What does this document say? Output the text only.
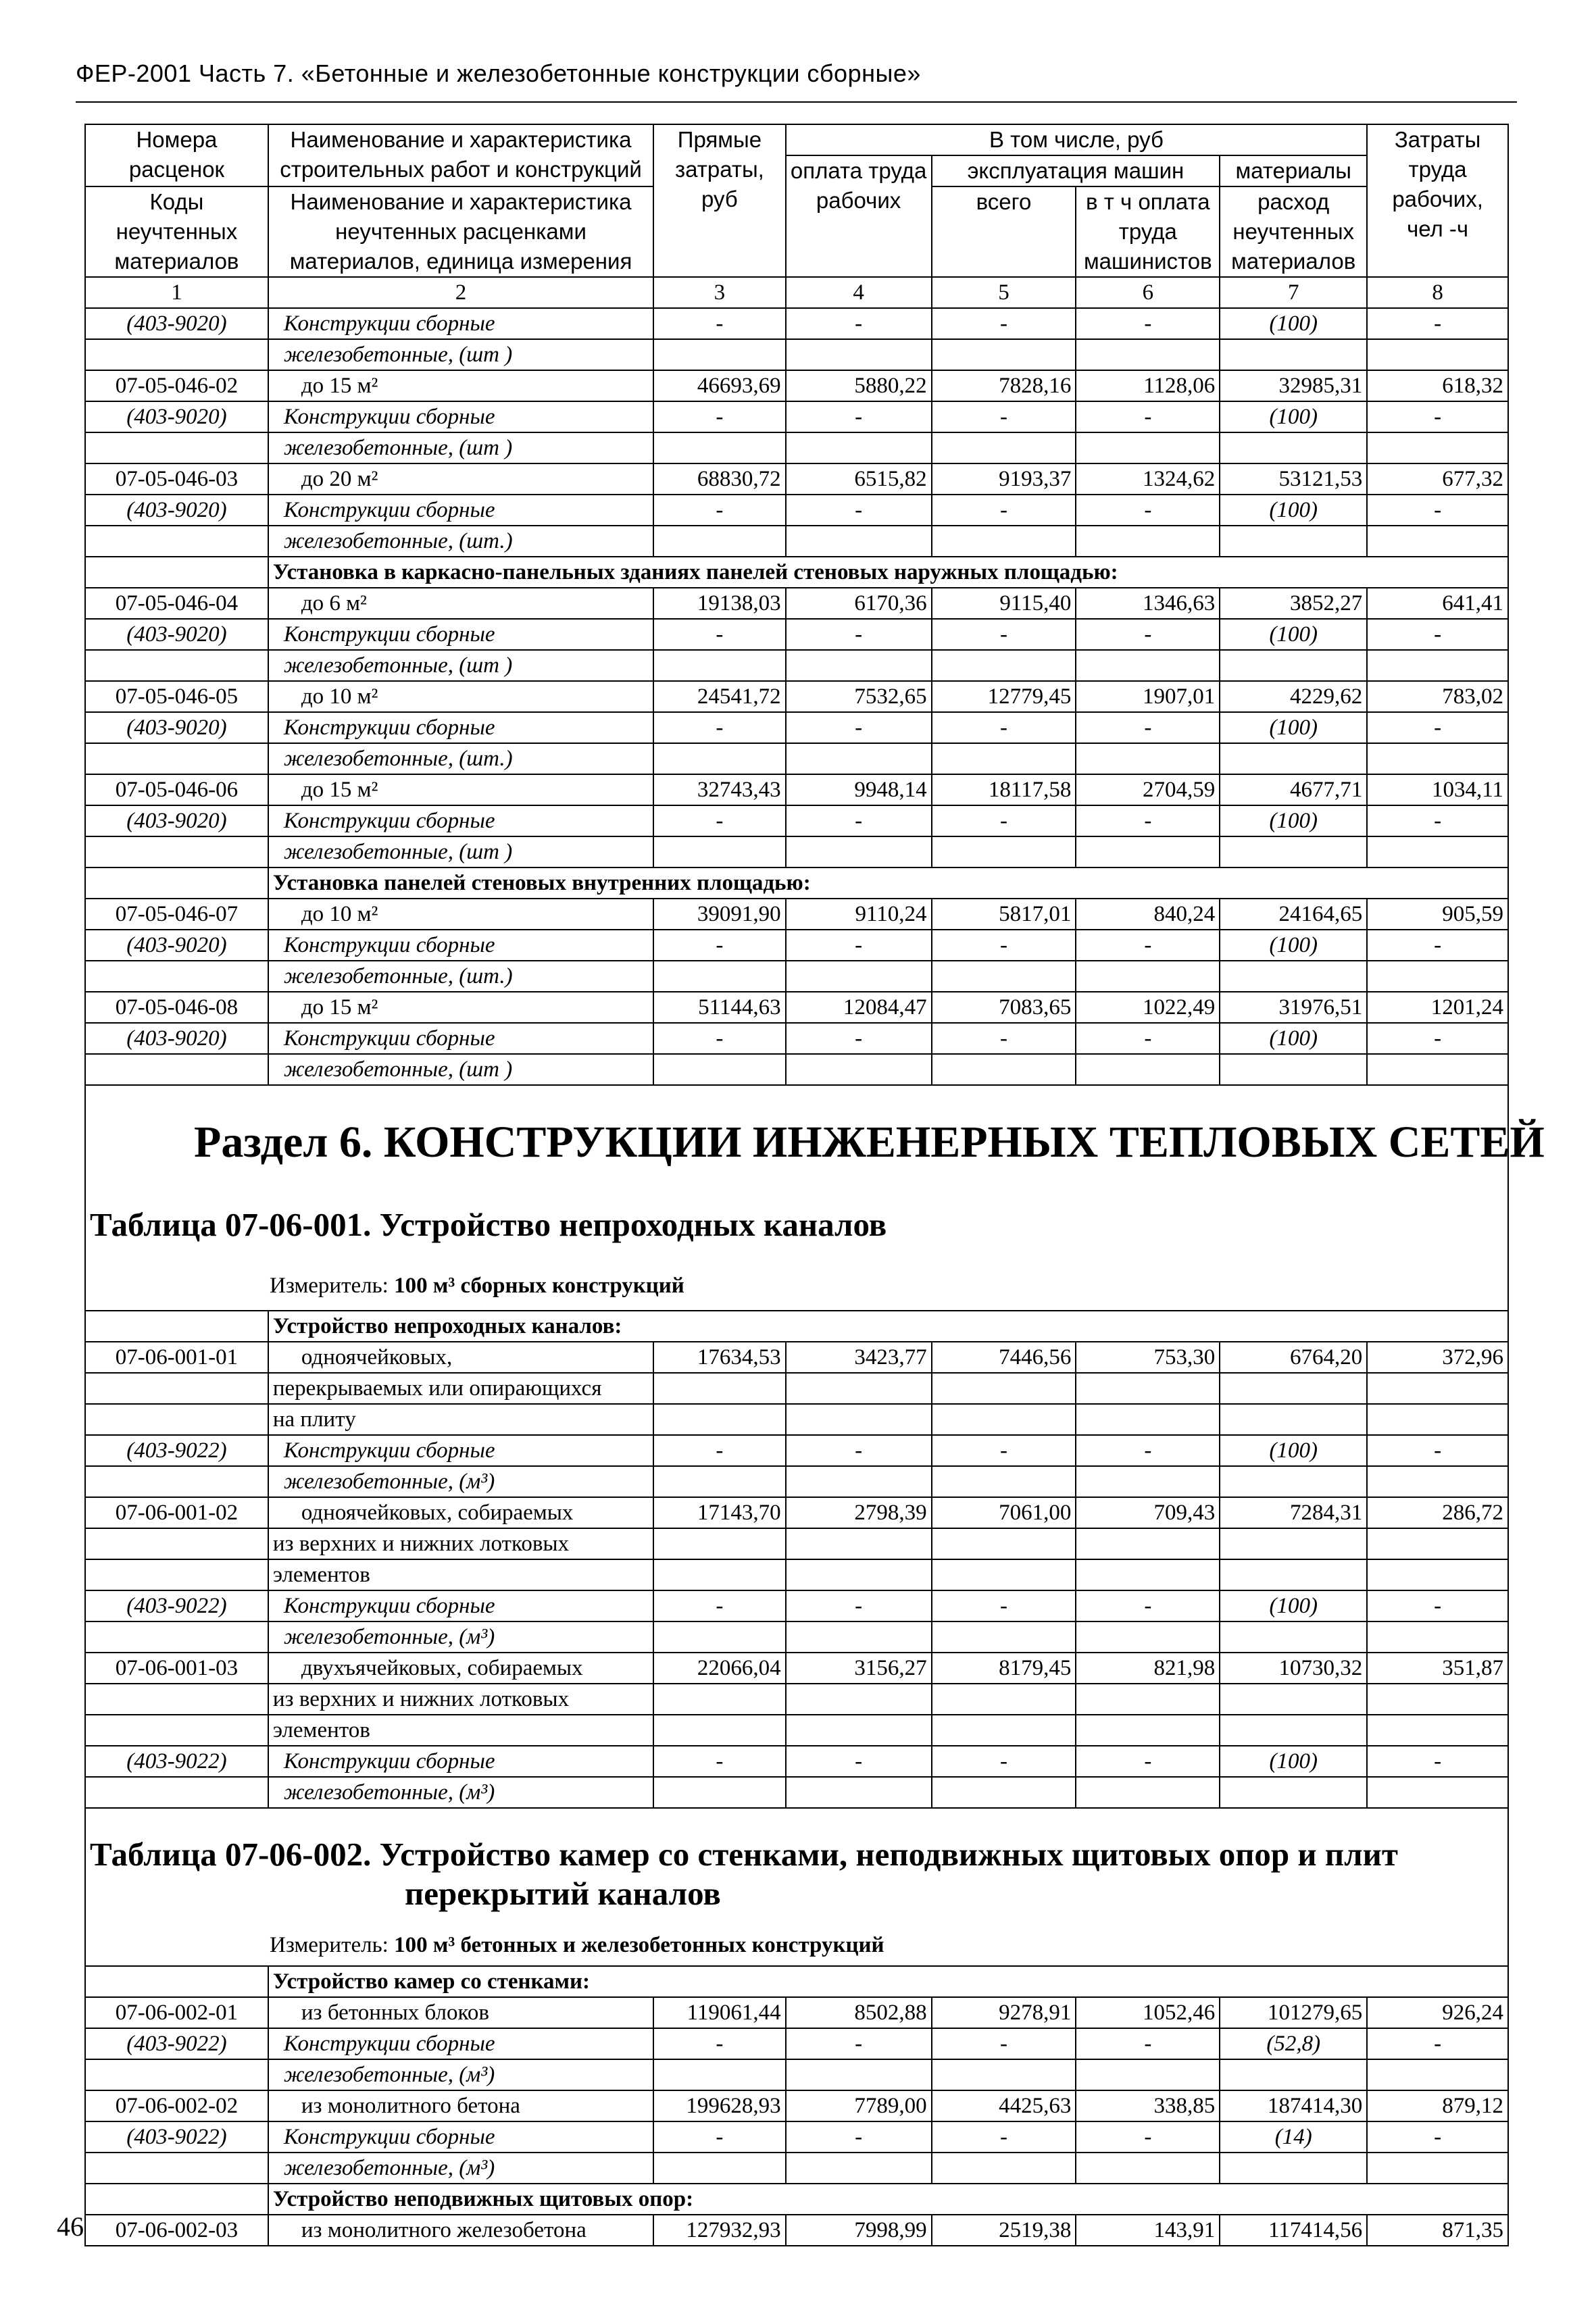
ФЕР-2001 Часть 7. «Бетонные и железобетонные конструкции сборные»
Номера расценок	Наименование и характеристика строительных работ и конструкций	Прямые затраты, руб	В том числе, руб				Затраты труда рабочих, чел -ч
			оплата труда рабочих	эксплуатация машин		материалы	
Коды неучтенных материалов	Наименование и характеристика неучтенных расценками материалов, единица измерения			всего	в т ч оплата труда машинистов	расход неучтенных материалов	

1	2	3	4	5	6	7	8
(403-9020)	Конструкции сборные	-	-	-	-	(100)	-
	железобетонные, (шт )						
07-05-046-02	до 15 м²	46693,69	5880,22	7828,16	1128,06	32985,31	618,32
(403-9020)	Конструкции сборные	-	-	-	-	(100)	-
	железобетонные, (шт )						
07-05-046-03	до 20 м²	68830,72	6515,82	9193,37	1324,62	53121,53	677,32
(403-9020)	Конструкции сборные	-	-	-	-	(100)	-
	железобетонные, (шт.)						
	Установка в каркасно-панельных зданиях панелей стеновых наружных площадью:						
07-05-046-04	до 6 м²	19138,03	6170,36	9115,40	1346,63	3852,27	641,41
(403-9020)	Конструкции сборные	-	-	-	-	(100)	-
	железобетонные, (шт )						
07-05-046-05	до 10 м²	24541,72	7532,65	12779,45	1907,01	4229,62	783,02
(403-9020)	Конструкции сборные	-	-	-	-	(100)	-
	железобетонные, (шт.)						
07-05-046-06	до 15 м²	32743,43	9948,14	18117,58	2704,59	4677,71	1034,11
(403-9020)	Конструкции сборные	-	-	-	-	(100)	-
	железобетонные, (шт )						
	Установка панелей стеновых внутренних площадью:						
07-05-046-07	до 10 м²	39091,90	9110,24	5817,01	840,24	24164,65	905,59
(403-9020)	Конструкции сборные	-	-	-	-	(100)	-
	железобетонные, (шт.)						
07-05-046-08	до 15 м²	51144,63	12084,47	7083,65	1022,49	31976,51	1201,24
(403-9020)	Конструкции сборные	-	-	-	-	(100)	-
	железобетонные, (шт )						

Раздел 6. КОНСТРУКЦИИ ИНЖЕНЕРНЫХ ТЕПЛОВЫХ СЕТЕЙ
Таблица 07-06-001. Устройство непроходных каналов
Измеритель: 100 м³ сборных конструкций							

	Устройство непроходных каналов:						
07-06-001-01	одноячейковых,	17634,53	3423,77	7446,56	753,30	6764,20	372,96
	перекрываемых или опирающихся						
	на плиту						
(403-9022)	Конструкции сборные	-	-	-	-	(100)	-
	железобетонные, (м³)						
07-06-001-02	одноячейковых, собираемых	17143,70	2798,39	7061,00	709,43	7284,31	286,72
	из верхних и нижних лотковых						
	элементов						
(403-9022)	Конструкции сборные	-	-	-	-	(100)	-
	железобетонные, (м³)						
07-06-001-03	двухъячейковых, собираемых	22066,04	3156,27	8179,45	821,98	10730,32	351,87
	из верхних и нижних лотковых						
	элементов						
(403-9022)	Конструкции сборные	-	-	-	-	(100)	-
	железобетонные, (м³)						

Таблица 07-06-002. Устройство камер со стенками, неподвижных щитовых опор и плит
перекрытий каналов
Измеритель: 100 м³ бетонных и железобетонных конструкций							

	Устройство камер со стенками:						
07-06-002-01	из бетонных блоков	119061,44	8502,88	9278,91	1052,46	101279,65	926,24
(403-9022)	Конструкции сборные	-	-	-	-	(52,8)	-
	железобетонные, (м³)						
07-06-002-02	из монолитного бетона	199628,93	7789,00	4425,63	338,85	187414,30	879,12
(403-9022)	Конструкции сборные	-	-	-	-	(14)	-
	железобетонные, (м³)						
	Устройство неподвижных щитовых опор:						
07-06-002-03	из монолитного железобетона	127932,93	7998,99	2519,38	143,91	117414,56	871,35
46
